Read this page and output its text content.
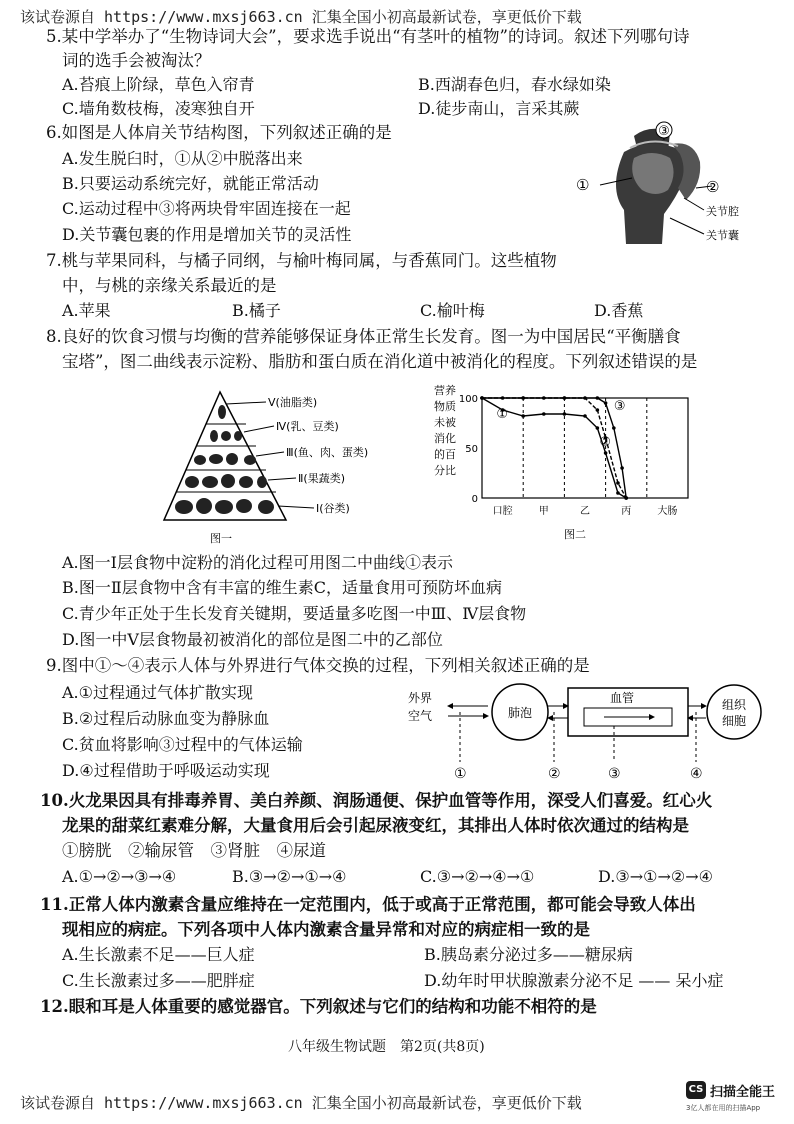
该试卷源自 https://www.mxsj663.cn 汇集全国小初高最新试卷，享更低价下载
5.某中学举办了“生物诗词大会”，要求选手说出“有茎叶的植物”的诗词。叙述下列哪句诗
词的选手会被淘汰？
A.苔痕上阶绿，草色入帘青	B.西湖春色归，春水绿如染
C.墙角数枝梅，凌寒独自开	D.徒步南山，言采其蕨
6.如图是人体肩关节结构图，下列叙述正确的是
A.发生脱臼时，①从②中脱落出来
B.只要运动系统完好，就能正常活动
C.运动过程中③将两块骨牢固连接在一起
D.关节囊包裹的作用是增加关节的灵活性
③
①	②
关节腔
关节囊
7.桃与苹果同科，与橘子同纲，与榆叶梅同属，与香蕉同门。这些植物
中，与桃的亲缘关系最近的是
A.苹果	B.橘子	C.榆叶梅	D.香蕉
8.良好的饮食习惯与均衡的营养能够保证身体正常生长发育。图一为中国居民“平衡膳食
宝塔”，图二曲线表示淀粉、脂肪和蛋白质在消化道中被消化的程度。下列叙述错误的是
Ⅴ(油脂类)
Ⅳ(乳、豆类)
Ⅲ(鱼、肉、蛋类)
Ⅱ(果蔬类)
Ⅰ(谷类)
图一
营养
物质
未被
消化
的百
分比
100
50
0
口腔	甲	乙	丙	大肠
①
②
③
图二
A.图一Ⅰ层食物中淀粉的消化过程可用图二中曲线①表示
B.图一Ⅱ层食物中含有丰富的维生素C，适量食用可预防坏血病
C.青少年正处于生长发育关键期，要适量多吃图一中Ⅲ、Ⅳ层食物
D.图一中Ⅴ层食物最初被消化的部位是图二中的乙部位
9.图中①～④表示人体与外界进行气体交换的过程，下列相关叙述正确的是
A.①过程通过气体扩散实现
B.②过程后动脉血变为静脉血
C.贫血将影响③过程中的气体运输
D.④过程借助于呼吸运动实现
外界
空气	肺泡
血管	组织
细胞
①	②	③	④
10.火龙果因具有排毒养胃、美白养颜、润肠通便、保护血管等作用，深受人们喜爱。红心火
龙果的甜菜红素难分解，大量食用后会引起尿液变红，其排出人体时依次通过的结构是
①膀胱　②输尿管　③肾脏　④尿道
A.①→②→③→④	B.③→②→①→④	C.③→②→④→①	D.③→①→②→④
11.正常人体内激素含量应维持在一定范围内，低于或高于正常范围，都可能会导致人体出
现相应的病症。下列各项中人体内激素含量异常和对应的病症相一致的是
A.生长激素不足——巨人症	B.胰岛素分泌过多——糖尿病
C.生长激素过多——肥胖症	D.幼年时甲状腺激素分泌不足 —— 呆小症
12.眼和耳是人体重要的感觉器官。下列叙述与它们的结构和功能不相符的是
八年级生物试题　第2页(共8页)
该试卷源自 https://www.mxsj663.cn 汇集全国小初高最新试卷，享更低价下载
CS 扫描全能王
3亿人都在用的扫描App
